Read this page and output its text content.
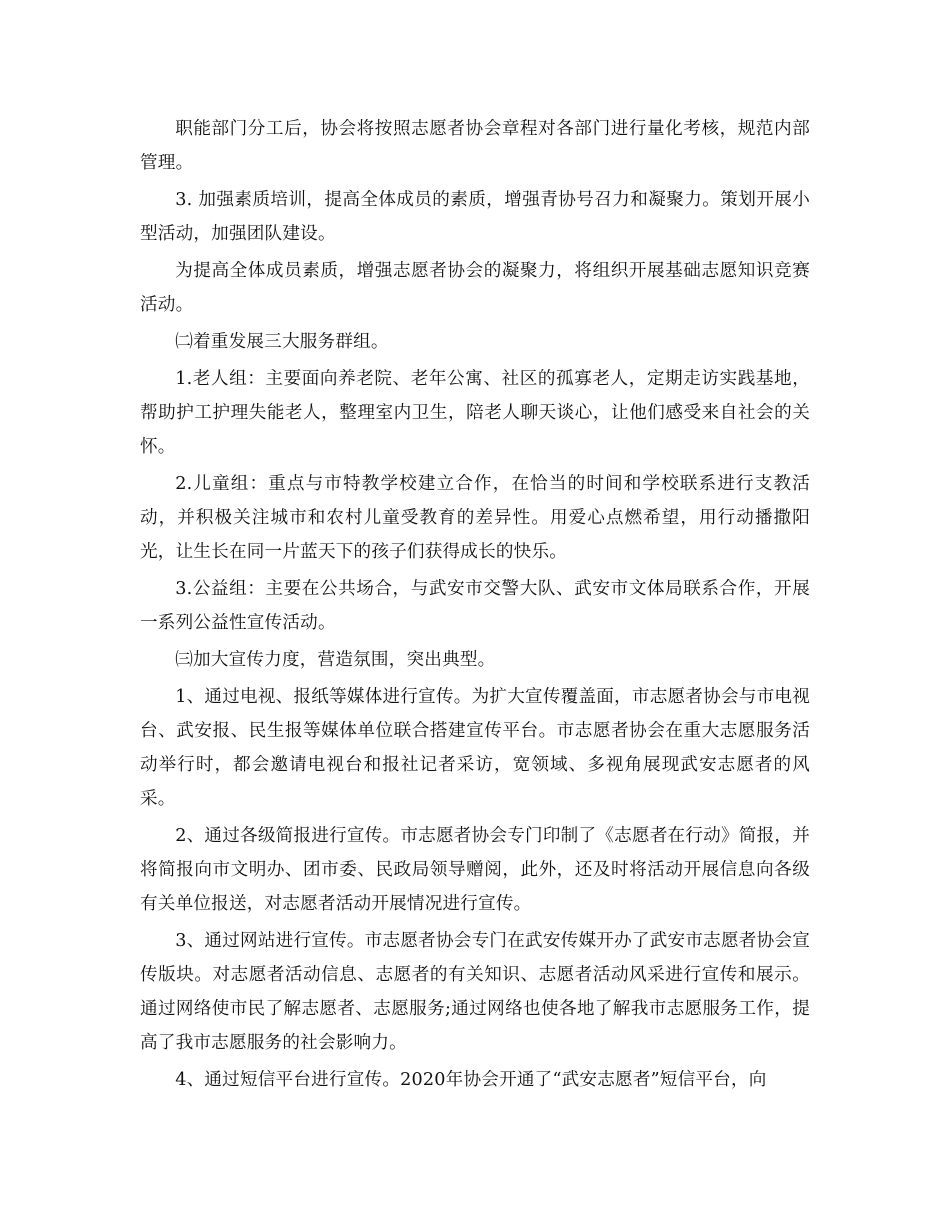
职能部门分工后，协会将按照志愿者协会章程对各部门进行量化考核，规范内部管理。

3. 加强素质培训，提高全体成员的素质，增强青协号召力和凝聚力。策划开展小型活动，加强团队建设。

为提高全体成员素质，增强志愿者协会的凝聚力，将组织开展基础志愿知识竞赛活动。

㈡着重发展三大服务群组。

1.老人组：主要面向养老院、老年公寓、社区的孤寡老人，定期走访实践基地，帮助护工护理失能老人，整理室内卫生，陪老人聊天谈心，让他们感受来自社会的关怀。

2.儿童组：重点与市特教学校建立合作，在恰当的时间和学校联系进行支教活动，并积极关注城市和农村儿童受教育的差异性。用爱心点燃希望，用行动播撒阳光，让生长在同一片蓝天下的孩子们获得成长的快乐。

3.公益组：主要在公共场合，与武安市交警大队、武安市文体局联系合作，开展一系列公益性宣传活动。

㈢加大宣传力度，营造氛围，突出典型。

1、通过电视、报纸等媒体进行宣传。为扩大宣传覆盖面，市志愿者协会与市电视台、武安报、民生报等媒体单位联合搭建宣传平台。市志愿者协会在重大志愿服务活动举行时，都会邀请电视台和报社记者采访，宽领域、多视角展现武安志愿者的风采。

2、通过各级简报进行宣传。市志愿者协会专门印制了《志愿者在行动》简报，并将简报向市文明办、团市委、民政局领导赠阅，此外，还及时将活动开展信息向各级有关单位报送，对志愿者活动开展情况进行宣传。

3、通过网站进行宣传。市志愿者协会专门在武安传媒开办了武安市志愿者协会宣传版块。对志愿者活动信息、志愿者的有关知识、志愿者活动风采进行宣传和展示。通过网络使市民了解志愿者、志愿服务;通过网络也使各地了解我市志愿服务工作，提高了我市志愿服务的社会影响力。

4、通过短信平台进行宣传。2020年协会开通了“武安志愿者”短信平台，向
